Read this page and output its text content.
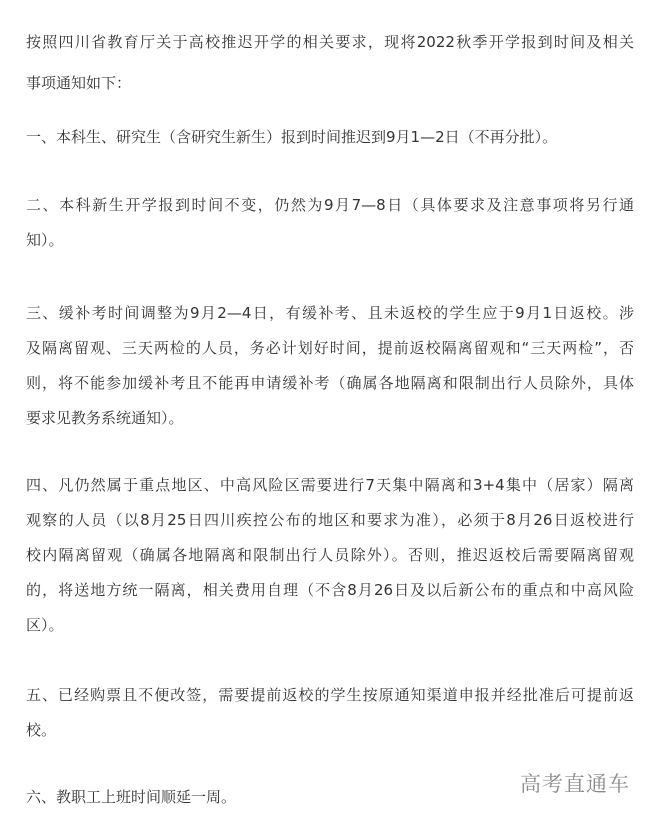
按照四川省教育厅关于高校推迟开学的相关要求，现将2022秋季开学报到时间及相关
事项通知如下：
一、本科生、研究生（含研究生新生）报到时间推迟到9月1—2日（不再分批）。
二、本科新生开学报到时间不变，仍然为9月7—8日（具体要求及注意事项将另行通
知）。
三、缓补考时间调整为9月2—4日，有缓补考、且未返校的学生应于9月1日返校。涉
及隔离留观、三天两检的人员，务必计划好时间，提前返校隔离留观和“三天两检”，否
则，将不能参加缓补考且不能再申请缓补考（确属各地隔离和限制出行人员除外，具体
要求见教务系统通知）。
四、凡仍然属于重点地区、中高风险区需要进行7天集中隔离和3+4集中（居家）隔离
观察的人员（以8月25日四川疾控公布的地区和要求为准），必须于8月26日返校进行
校内隔离留观（确属各地隔离和限制出行人员除外）。否则，推迟返校后需要隔离留观
的，将送地方统一隔离，相关费用自理（不含8月26日及以后新公布的重点和中高风险
区）。
五、已经购票且不便改签，需要提前返校的学生按原通知渠道申报并经批准后可提前返
校。
六、教职工上班时间顺延一周。
高考直通车
